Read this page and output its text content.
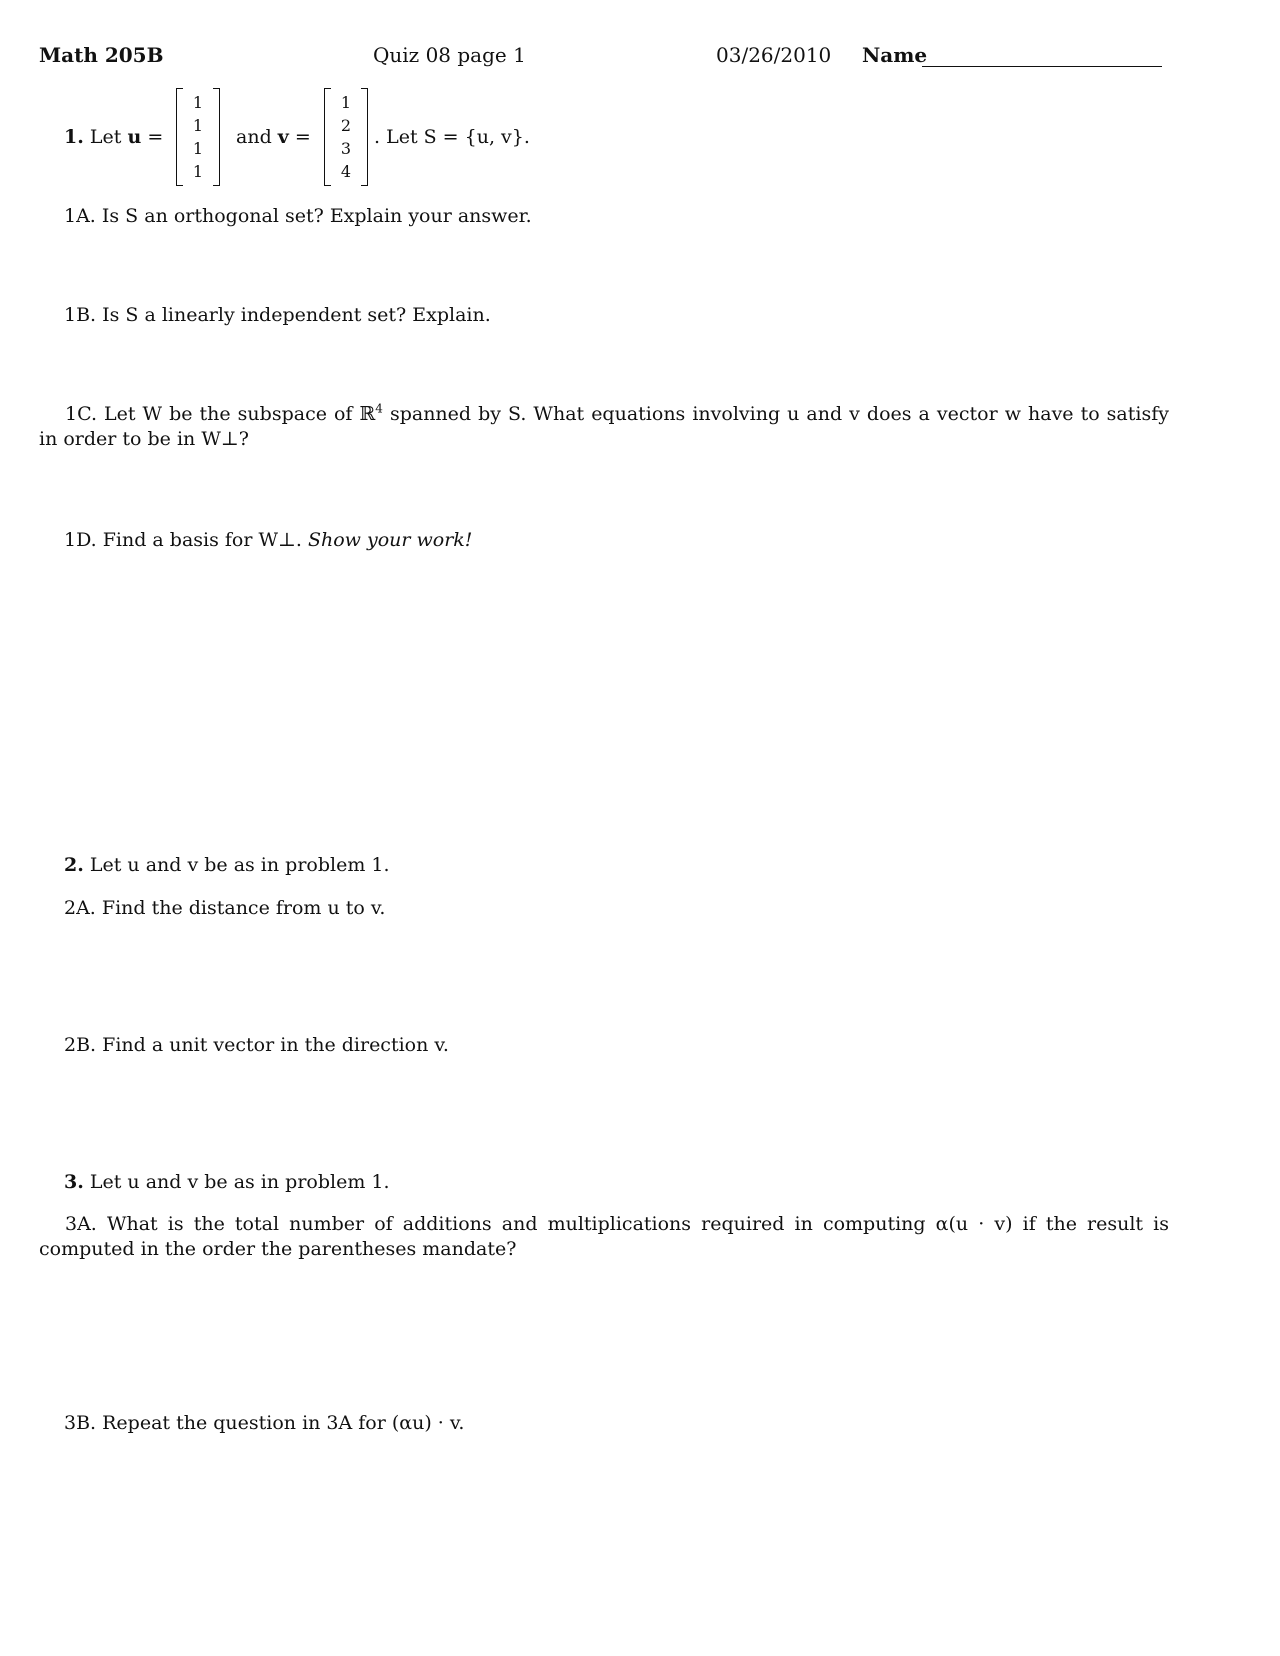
Math 205B	Quiz 08 page 1	03/26/2010 Name
1. Let u =
1
1
1
1
and v =
1
2
3
4
. Let S = {u, v}.
1A. Is S an orthogonal set? Explain your answer.
1B. Is S a linearly independent set? Explain.
1C. Let W be the subspace of ℝ$^4$ spanned by S. What equations involving u and v does a vector w have to satisfy in order to be in W⊥?
1D. Find a basis for W⊥. Show your work!
2. Let u and v be as in problem 1.
2A. Find the distance from u to v.
2B. Find a unit vector in the direction v.
3. Let u and v be as in problem 1.
3A. What is the total number of additions and multiplications required in computing α(u · v) if the result is computed in the order the parentheses mandate?
3B. Repeat the question in 3A for (αu) · v.
